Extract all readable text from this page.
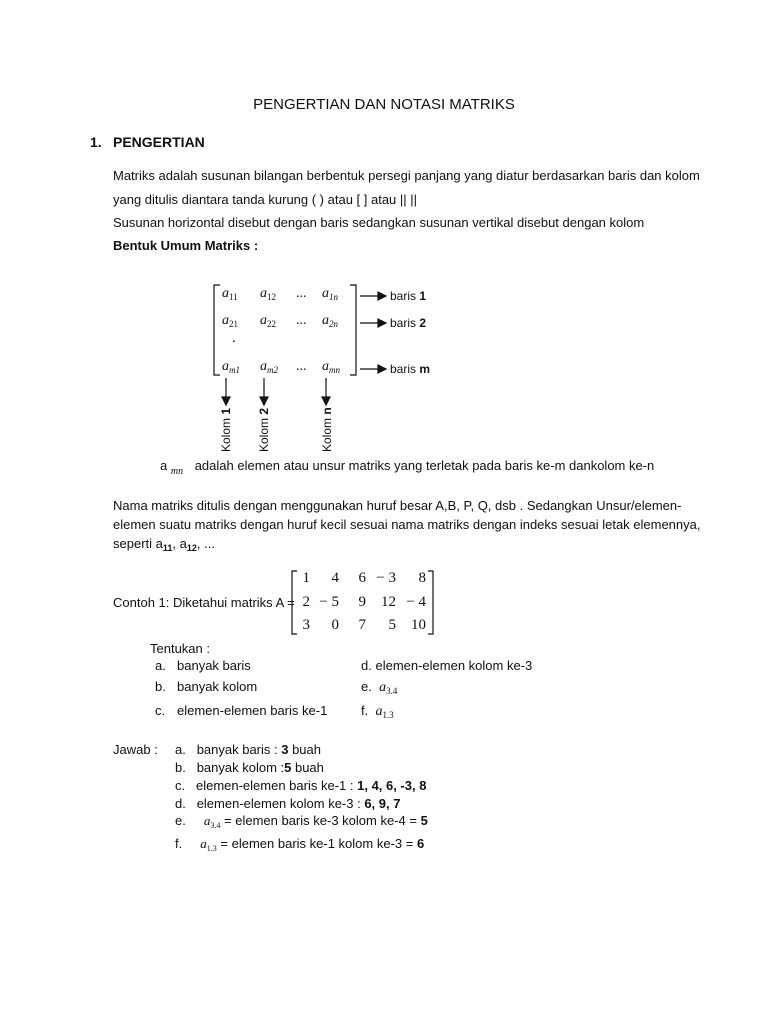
PENGERTIAN DAN NOTASI MATRIKS
1. PENGERTIAN
Matriks adalah susunan bilangan berbentuk persegi panjang yang diatur berdasarkan baris dan kolom
yang ditulis diantara tanda kurung ( ) atau [ ] atau || ||
Susunan horizontal disebut dengan baris sedangkan susunan vertikal disebut dengan kolom
Bentuk Umum Matriks :
$a_{11}$ $a_{12}$ ... $a_{1n}$
$a_{21}$ $a_{22}$ ... $a_{2n}$
$a_{m1}$ $a_{m2}$ ... $a_{mn}$
.
baris 1
baris 2
baris m
Kolom 1
Kolom 2
Kolom n
a $_{mn}$ adalah elemen atau unsur matriks yang terletak pada baris ke-m dankolom ke-n
Nama matriks ditulis dengan menggunakan huruf besar A,B, P, Q, dsb . Sedangkan Unsur/elemen-
elemen suatu matriks dengan huruf kecil sesuai nama matriks dengan indeks sesuai letak elemennya,
seperti $a_{11}$, $a_{12}$, ...
Contoh 1: Diketahui matriks A =
1 4 6 − 3 8
2 − 5 9 12 − 4
3 0 7 5 10
Tentukan :
a. banyak baris
b. banyak kolom
c. elemen-elemen baris ke-1
d. elemen-elemen kolom ke-3
e. $a_{3.4}$
f. $a_{1.3}$
Jawab : a. banyak baris : 3 buah
b. banyak kolom :5 buah
c. elemen-elemen baris ke-1 : 1, 4, 6, -3, 8
d. elemen-elemen kolom ke-3 : 6, 9, 7
e. $a_{3.4}$ = elemen baris ke-3 kolom ke-4 = 5
f. $a_{1.3}$ = elemen baris ke-1 kolom ke-3 = 6
